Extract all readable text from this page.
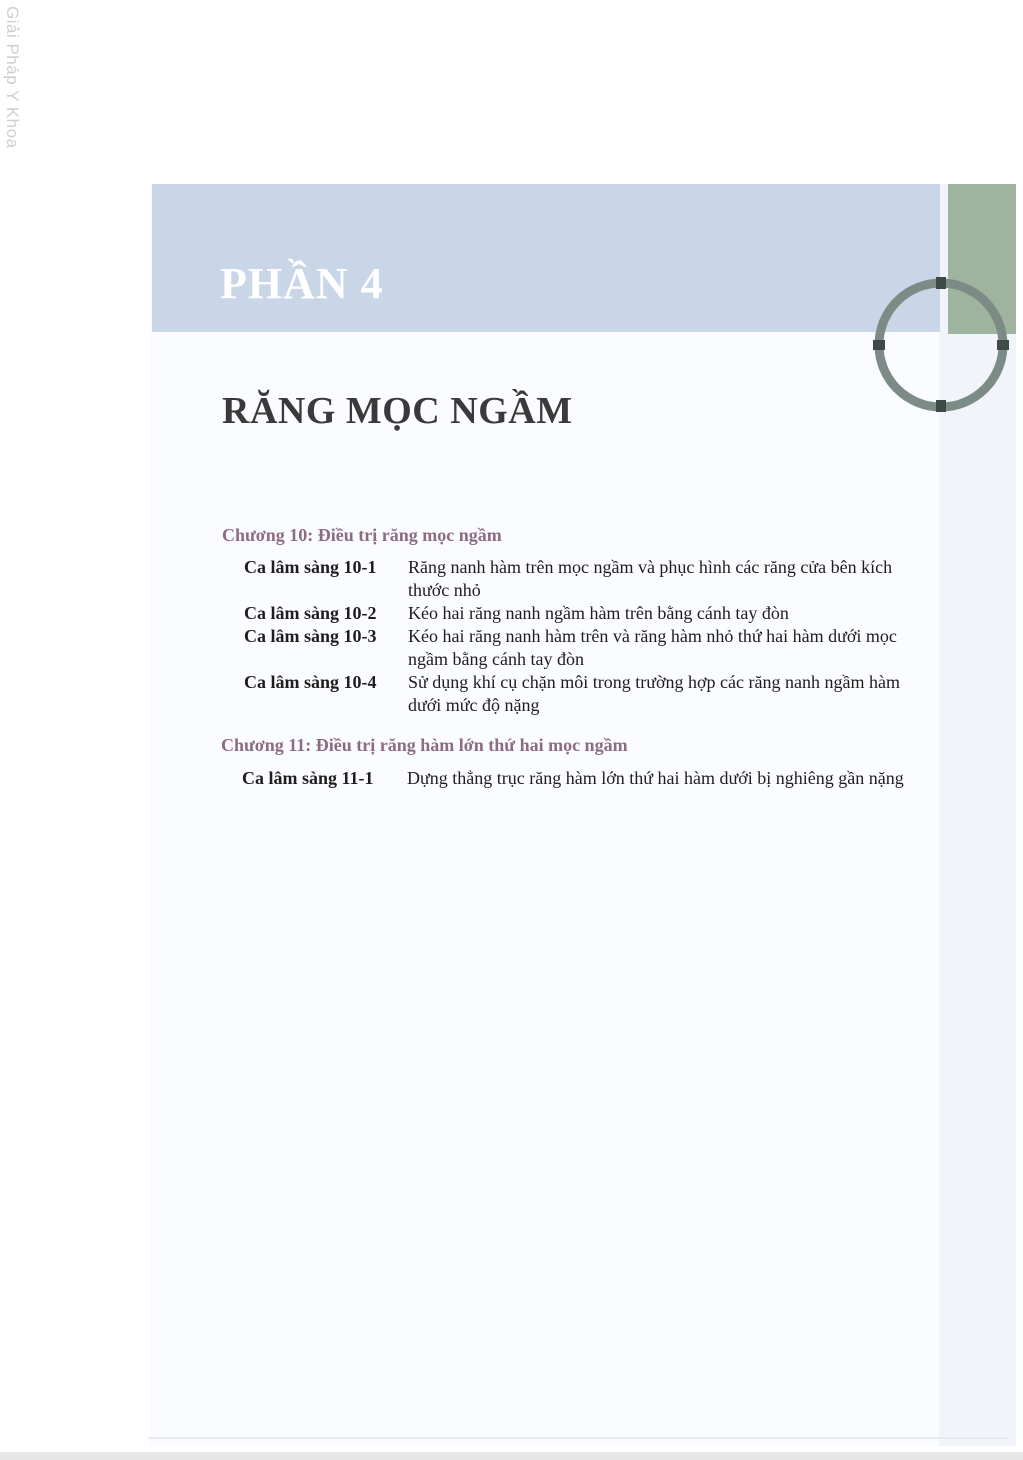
Giải Pháp Y Khoa
PHẦN 4
RĂNG MỌC NGẦM
Chương 10: Điều trị răng mọc ngầm
Ca lâm sàng 10-1 Răng nanh hàm trên mọc ngầm và phục hình các răng cửa bên kích thước nhỏ
Ca lâm sàng 10-2 Kéo hai răng nanh ngầm hàm trên bằng cánh tay đòn
Ca lâm sàng 10-3 Kéo hai răng nanh hàm trên và răng hàm nhỏ thứ hai hàm dưới mọc ngầm bằng cánh tay đòn
Ca lâm sàng 10-4 Sử dụng khí cụ chặn môi trong trường hợp các răng nanh ngầm hàm dưới mức độ nặng
Chương 11: Điều trị răng hàm lớn thứ hai mọc ngầm
Ca lâm sàng 11-1 Dựng thẳng trục răng hàm lớn thứ hai hàm dưới bị nghiêng gần nặng
